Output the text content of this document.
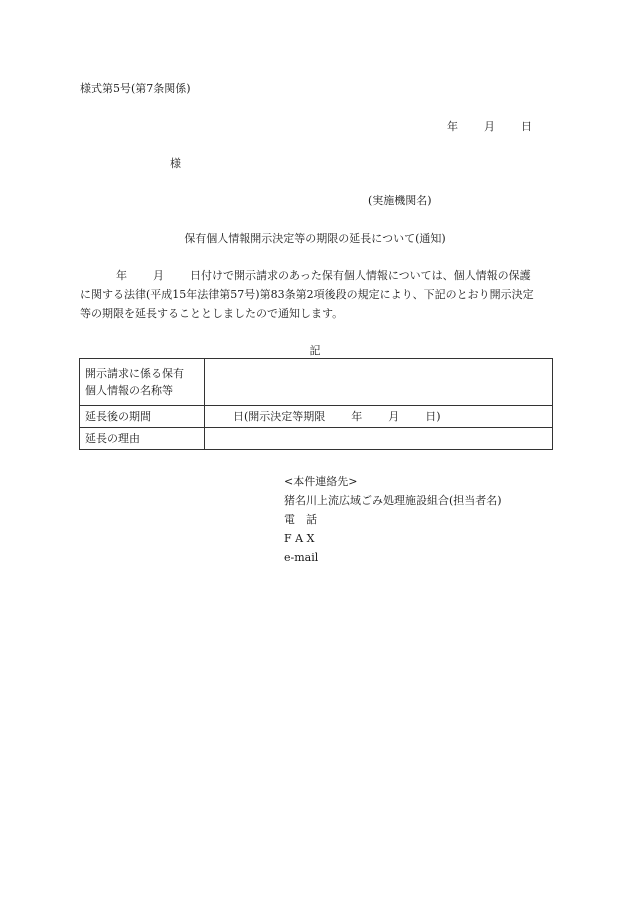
様式第5号(第7条関係)
年 月 日
様
(実施機関名)
保有個人情報開示決定等の期限の延長について(通知)
年 月 日付けで開示請求のあった保有個人情報については、個人情報の保護
に関する法律(平成15年法律第57号)第83条第2項後段の規定により、下記のとおり開示決定
等の期限を延長することとしましたので通知します。
記
開示請求に係る保有
個人情報の名称等	

延長後の期間	日(開示決定等期限 年 月 日)
延長の理由	
<本件連絡先>
猪名川上流広域ごみ処理施設組合(担当者名)
電　話
F A X
e-mail
